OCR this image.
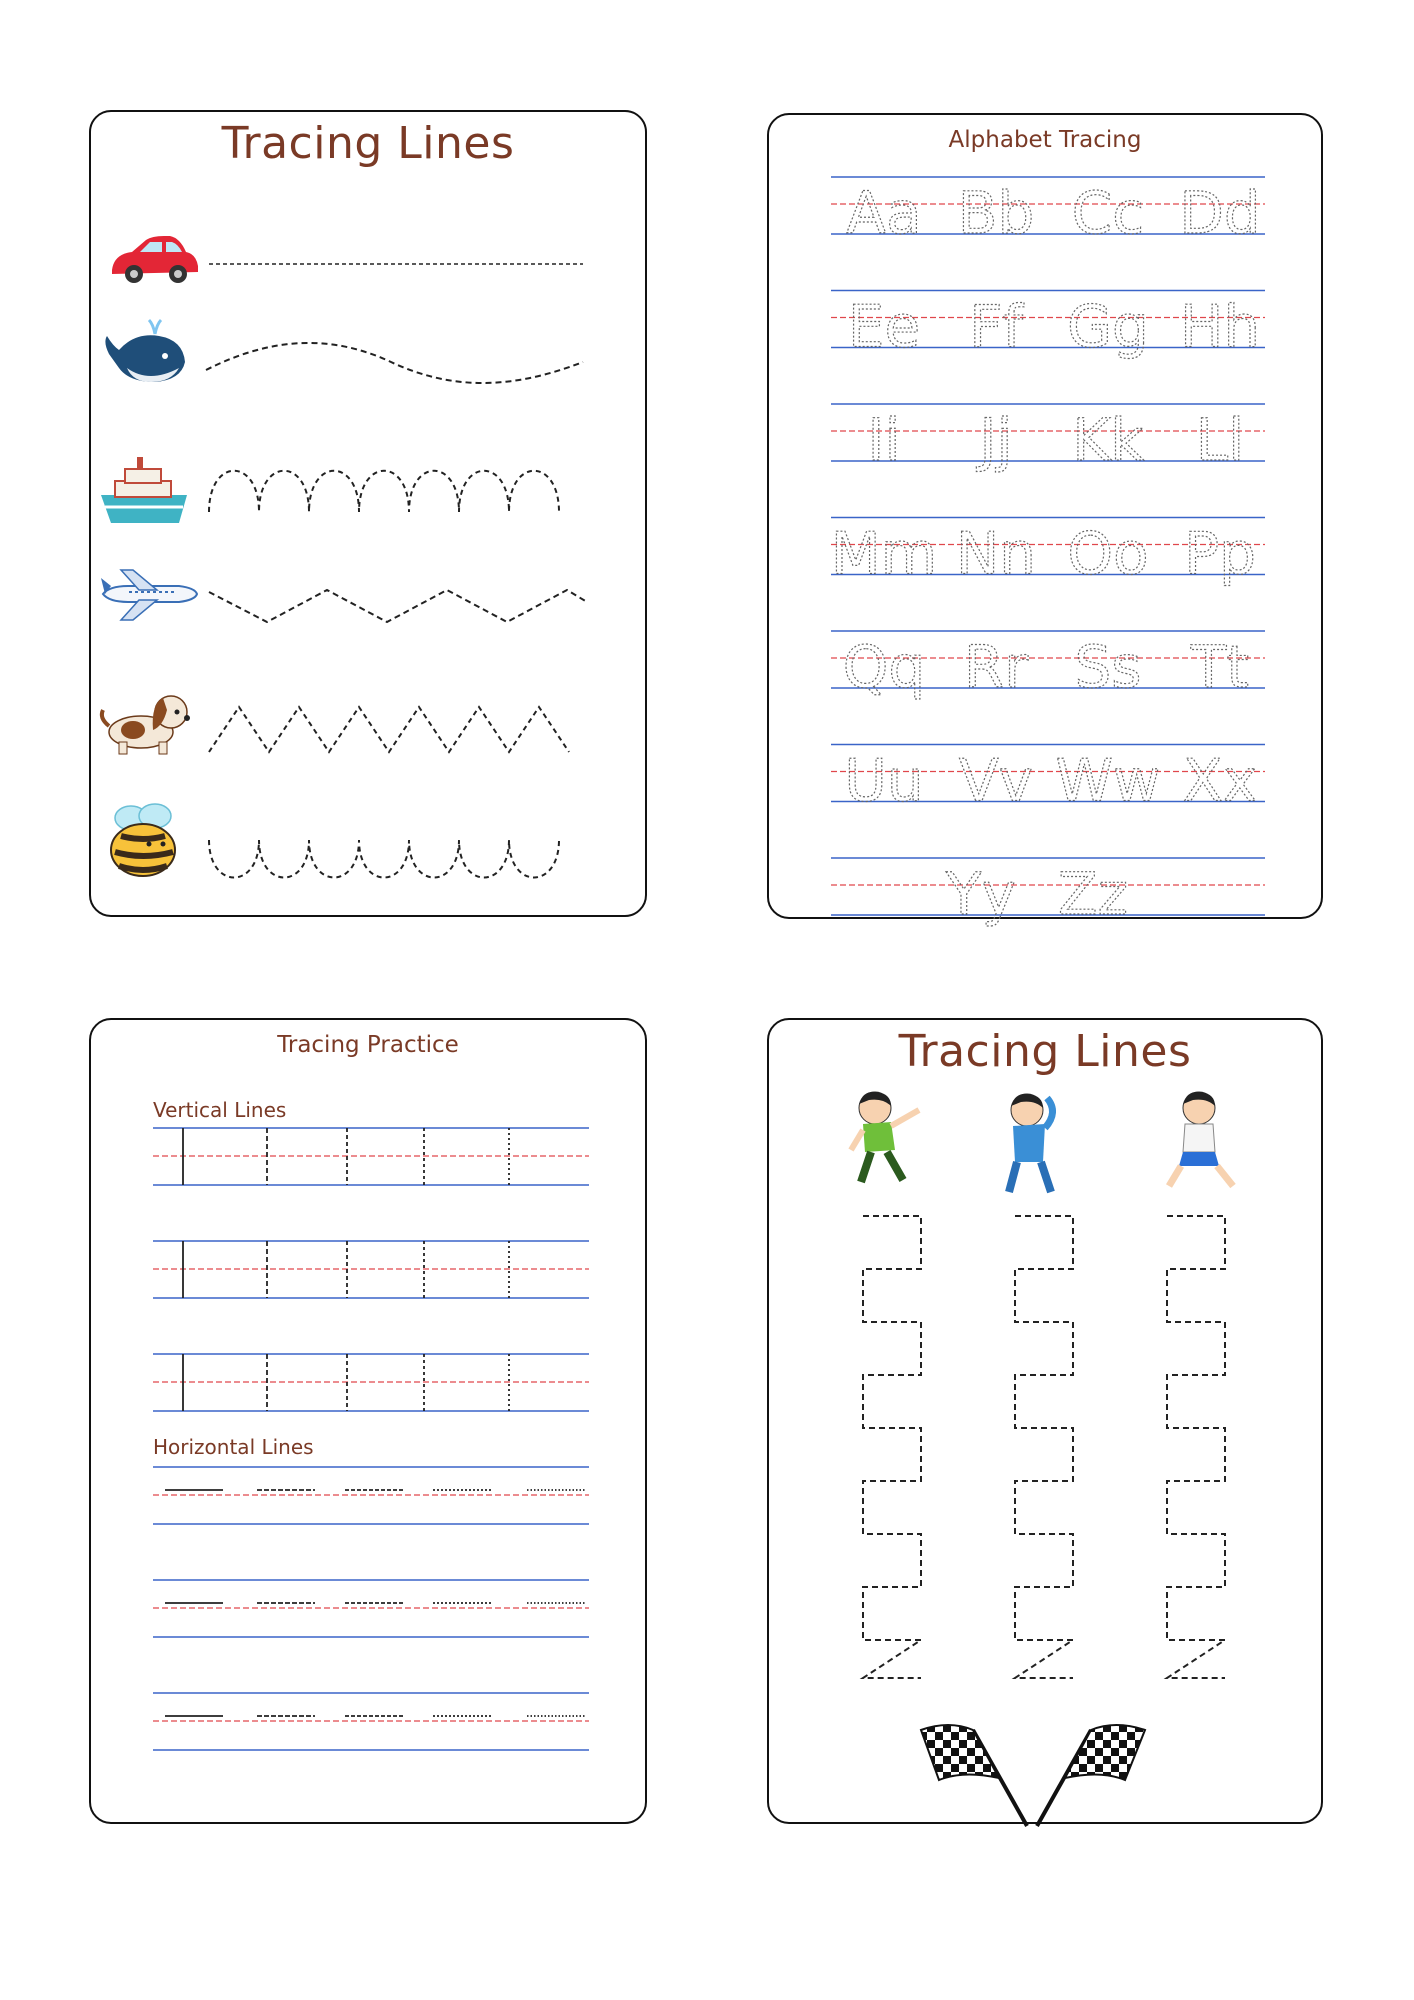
Tracing Lines	Alphabet Tracing
Aa Bb Cc Dd
Ee Ff Gg Hh
Ii Jj Kk Ll
Mm Nn Oo Pp
Qq Rr Ss Tt
Uu Vv Ww Xx
Yy Zz
Tracing Practice
Vertical Lines
Horizontal Lines
Tracing Lines
